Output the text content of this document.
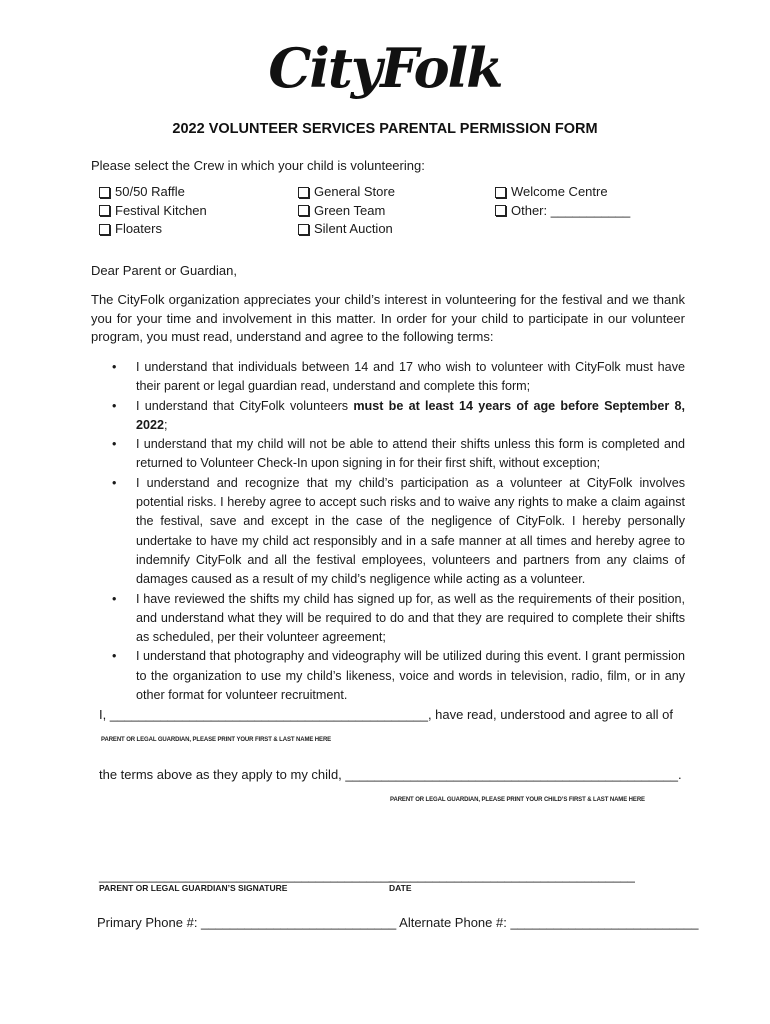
CityFolk
2022 VOLUNTEER SERVICES PARENTAL PERMISSION FORM
Please select the Crew in which your child is volunteering:
50/50 Raffle
Festival Kitchen
Floaters
General Store
Green Team
Silent Auction
Welcome Centre
Other: ___________
Dear Parent or Guardian,
The CityFolk organization appreciates your child’s interest in volunteering for the festival and we thank you for your time and involvement in this matter. In order for your child to participate in our volunteer program, you must read, understand and agree to the following terms:
• I understand that individuals between 14 and 17 who wish to volunteer with CityFolk must have their parent or legal guardian read, understand and complete this form;
• I understand that CityFolk volunteers must be at least 14 years of age before September 8, 2022;
• I understand that my child will not be able to attend their shifts unless this form is completed and returned to Volunteer Check-In upon signing in for their first shift, without exception;
• I understand and recognize that my child’s participation as a volunteer at CityFolk involves potential risks. I hereby agree to accept such risks and to waive any rights to make a claim against the festival, save and except in the case of the negligence of CityFolk. I hereby personally undertake to have my child act responsibly and in a safe manner at all times and hereby agree to indemnify CityFolk and all the festival employees, volunteers and partners from any claims of damages caused as a result of my child’s negligence while acting as a volunteer.
• I have reviewed the shifts my child has signed up for, as well as the requirements of their position, and understand what they will be required to do and that they are required to complete their shifts as scheduled, per their volunteer agreement;
• I understand that photography and videography will be utilized during this event. I grant permission to the organization to use my child’s likeness, voice and words in television, radio, film, or in any other format for volunteer recruitment.
I, ____________________________________________, have read, understood and agree to all of
PARENT OR LEGAL GUARDIAN, PLEASE PRINT YOUR FIRST & LAST NAME HERE
the terms above as they apply to my child, ______________________________________________.
PARENT OR LEGAL GUARDIAN, PLEASE PRINT YOUR CHILD’S FIRST & LAST NAME HERE
_________________________________________
PARENT OR LEGAL GUARDIAN’S SIGNATURE
__________________________________
DATE
Primary Phone #: ___________________________ Alternate Phone #: __________________________
